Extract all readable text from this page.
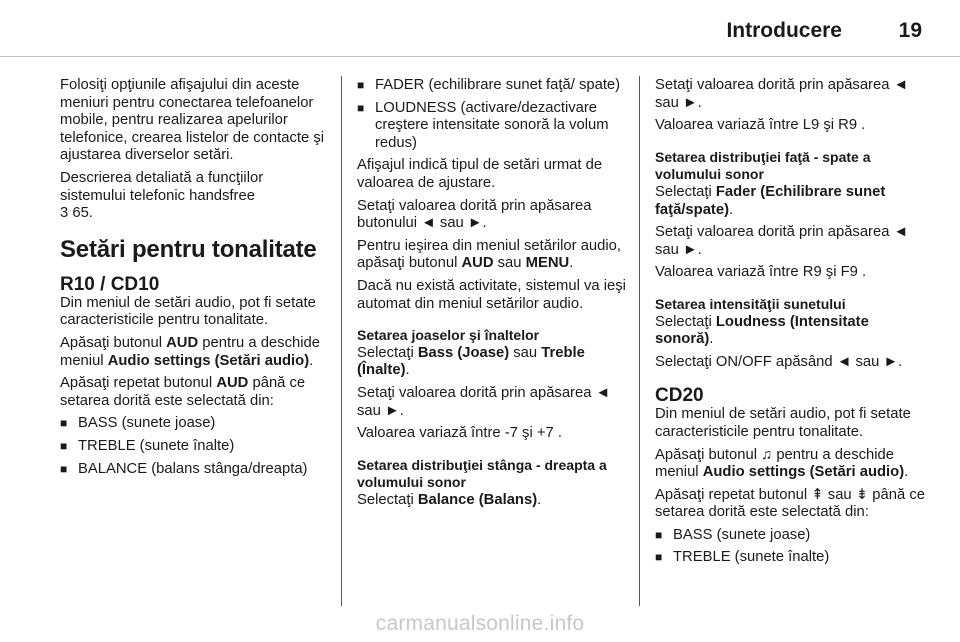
Introducere	19

Folosiţi opţiunile afişajului din aceste meniuri pentru conectarea telefoanelor mobile, pentru realizarea apelurilor telefonice, crearea listelor de contacte şi ajustarea diverselor setări.

Descrierea detaliată a funcţiilor sistemului telefonic handsfree

3 65.

Setări pentru tonalitate
R10 / CD10

Din meniul de setări audio, pot fi setate caracteristicile pentru tonalitate.

Apăsaţi butonul AUD pentru a deschide meniul Audio settings (Setări audio).

Apăsaţi repetat butonul AUD până ce setarea dorită este selectată din:

■ BASS (sunete joase)
■ TREBLE (sunete înalte)
■ BALANCE (balans stânga/dreapta)
■ FADER (echilibrare sunet faţă/ spate)
■ LOUDNESS (activare/dezactivare creştere intensitate sonoră la volum redus)

Afişajul indică tipul de setări urmat de valoarea de ajustare.

Setaţi valoarea dorită prin apăsarea butonului ◄ sau ►.

Pentru ieşirea din meniul setărilor audio, apăsaţi butonul AUD sau MENU.

Dacă nu există activitate, sistemul va ieşi automat din meniul setărilor audio.

Setarea joaselor şi înaltelor

Selectaţi Bass (Joase) sau Treble (Înalte).

Setaţi valoarea dorită prin apăsarea ◄ sau ►.

Valoarea variază între -7 şi +7 .

Setarea distribuţiei stânga - dreapta a volumului sonor

Selectaţi Balance (Balans).

Setaţi valoarea dorită prin apăsarea ◄ sau ►.

Valoarea variază între L9 şi R9 .

Setarea distribuţiei faţă - spate a volumului sonor

Selectaţi Fader (Echilibrare sunet faţă/spate).

Setaţi valoarea dorită prin apăsarea ◄ sau ►.

Valoarea variază între R9 şi F9 .

Setarea intensităţii sunetului

Selectaţi Loudness (Intensitate sonoră).

Selectaţi ON/OFF apăsând ◄ sau ►.

CD20

Din meniul de setări audio, pot fi setate caracteristicile pentru tonalitate.

Apăsaţi butonul ♫ pentru a deschide meniul Audio settings (Setări audio).

Apăsaţi repetat butonul ⇞ sau ⇟ până ce setarea dorită este selectată din:

■ BASS (sunete joase)
■ TREBLE (sunete înalte)
carmanualsonline.info
